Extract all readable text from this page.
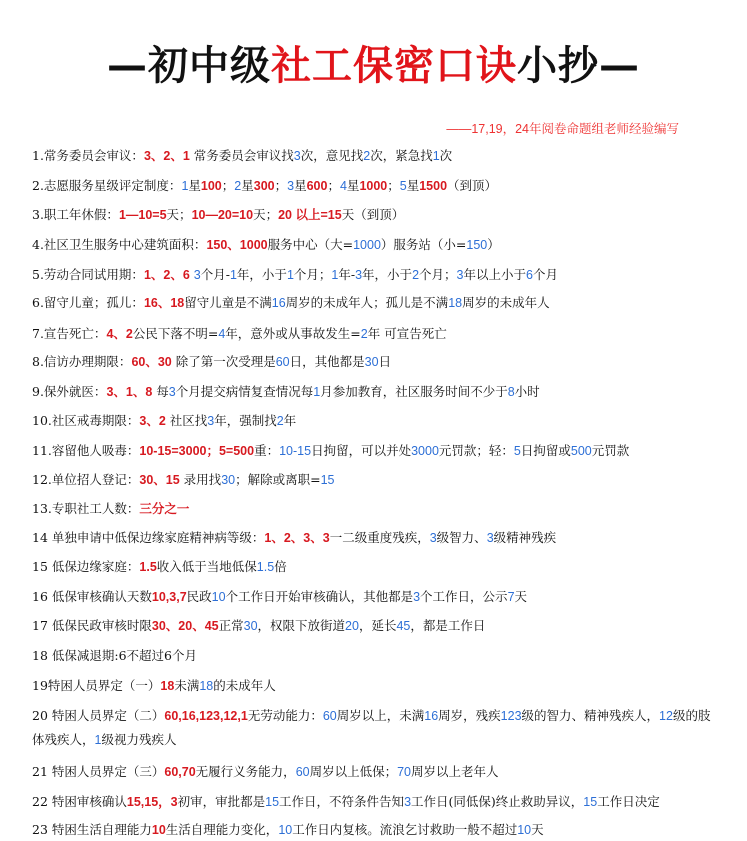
—初中级社工保密口诀小抄—
——17,19，24年阅卷命题组老师经验编写
1.常务委员会审议：3、2、1 常务委员会审议找3次，意见找2次，紧急找1次
2.志愿服务星级评定制度：1星100；2星300；3星600；4星1000；5星1500（到顶）
3.职工年休假：1—10=5天；10—20=10天；20 以上=15天（到顶）
4.社区卫生服务中心建筑面积：150、1000服务中心（大=1000）服务站（小=150）
5.劳动合同试用期：1、2、6 3个月-1年，小于1个月；1年-3年，小于2个月；3年以上小于6个月
6.留守儿童；孤儿：16、18留守儿童是不满16周岁的未成年人；孤儿是不满18周岁的未成年人
7.宣告死亡：4、2公民下落不明=4年，意外或从事故发生=2年 可宣告死亡
8.信访办理期限：60、30 除了第一次受理是60日，其他都是30日
9.保外就医：3、1、8 每3个月提交病情复查情况每1月参加教育，社区服务时间不少于8小时
10.社区戒毒期限：3、2 社区找3年，强制找2年
11.容留他人吸毒：10-15=3000；5=500重：10-15日拘留，可以并处3000元罚款；轻：5日拘留或500元罚款
12.单位招人登记：30、15 录用找30；解除或离职=15
13.专职社工人数：三分之一
14 单独申请中低保边缘家庭精神病等级：1、2、3、3一二级重度残疾，3级智力、3级精神残疾
15 低保边缘家庭：1.5收入低于当地低保1.5倍
16 低保审核确认天数10,3,7民政10个工作日开始审核确认，其他都是3个工作日，公示7天
17 低保民政审核时限30、20、45正常30，权限下放街道20，延长45，都是工作日
18 低保减退期:6不超过6个月
19特困人员界定（一）18未满18的未成年人
20 特困人员界定（二）60,16,123,12,1无劳动能力：60周岁以上，未满16周岁，残疾123级的智力、精神残疾人，12级的肢体残疾人，1级视力残疾人
21 特困人员界定（三）60,70无履行义务能力，60周岁以上低保；70周岁以上老年人
22 特困审核确认15,15，3初审，审批都是15工作日，不符条件告知3工作日(同低保)终止救助异议，15工作日决定
23 特困生活自理能力10生活自理能力变化，10工作日内复核。流浪乞讨救助一般不超过10天
